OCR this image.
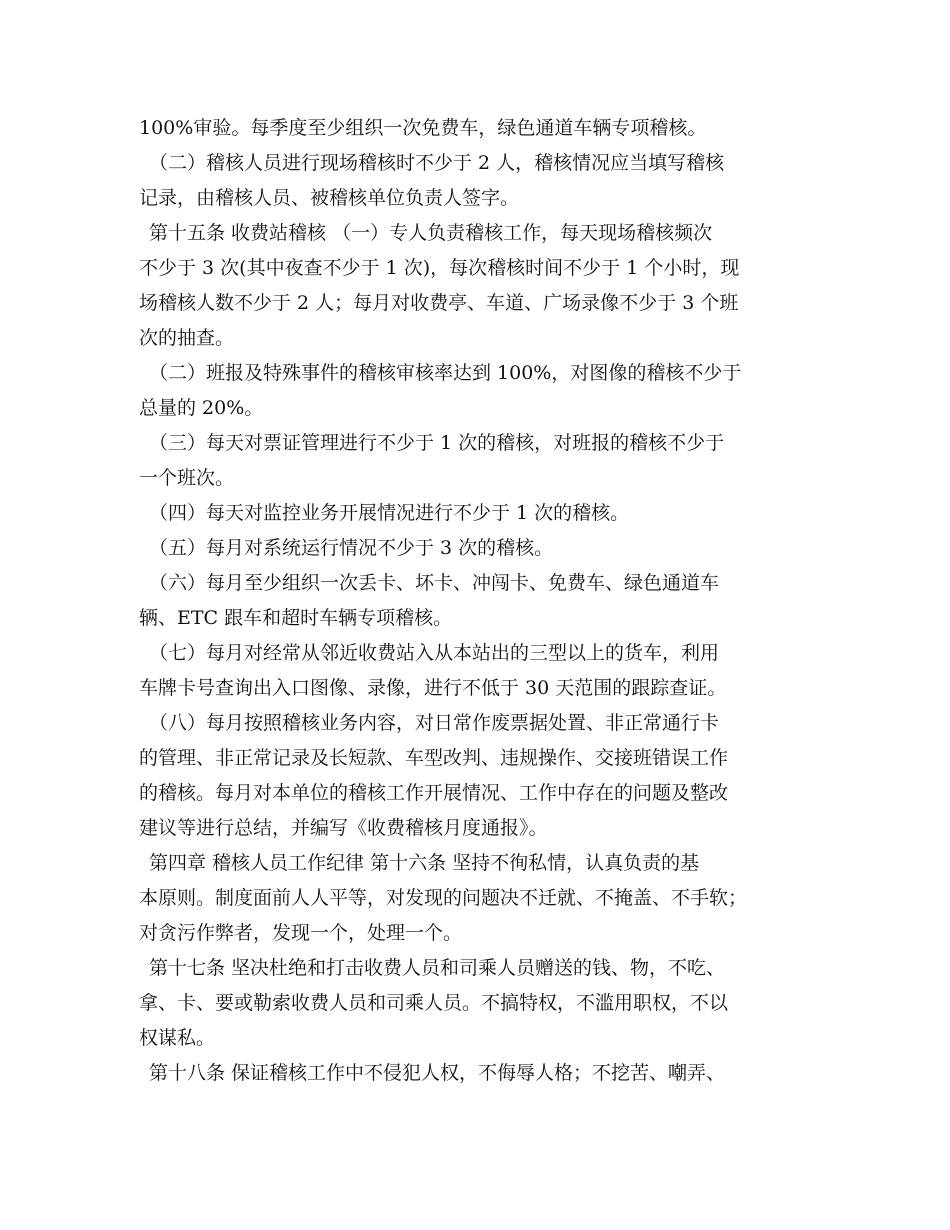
100%审验。每季度至少组织一次免费车，绿色通道车辆专项稽核。
（二）稽核人员进行现场稽核时不少于 2 人，稽核情况应当填写稽核
记录，由稽核人员、被稽核单位负责人签字。
第十五条 收费站稽核 （一）专人负责稽核工作，每天现场稽核频次
不少于 3 次(其中夜查不少于 1 次)，每次稽核时间不少于 1 个小时，现
场稽核人数不少于 2 人；每月对收费亭、车道、广场录像不少于 3 个班
次的抽查。
（二）班报及特殊事件的稽核审核率达到 100%，对图像的稽核不少于
总量的 20%。
（三）每天对票证管理进行不少于 1 次的稽核，对班报的稽核不少于
一个班次。
（四）每天对监控业务开展情况进行不少于 1 次的稽核。
（五）每月对系统运行情况不少于 3 次的稽核。
（六）每月至少组织一次丢卡、坏卡、冲闯卡、免费车、绿色通道车
辆、ETC 跟车和超时车辆专项稽核。
（七）每月对经常从邻近收费站入从本站出的三型以上的货车，利用
车牌卡号查询出入口图像、录像，进行不低于 30 天范围的跟踪查证。
（八）每月按照稽核业务内容，对日常作废票据处置、非正常通行卡
的管理、非正常记录及长短款、车型改判、违规操作、交接班错误工作
的稽核。每月对本单位的稽核工作开展情况、工作中存在的问题及整改
建议等进行总结，并编写《收费稽核月度通报》。
第四章 稽核人员工作纪律 第十六条 坚持不徇私情，认真负责的基
本原则。制度面前人人平等，对发现的问题决不迁就、不掩盖、不手软；
对贪污作弊者，发现一个，处理一个。
第十七条 坚决杜绝和打击收费人员和司乘人员赠送的钱、物，不吃、
拿、卡、要或勒索收费人员和司乘人员。不搞特权，不滥用职权，不以
权谋私。
第十八条 保证稽核工作中不侵犯人权，不侮辱人格；不挖苦、嘲弄、
